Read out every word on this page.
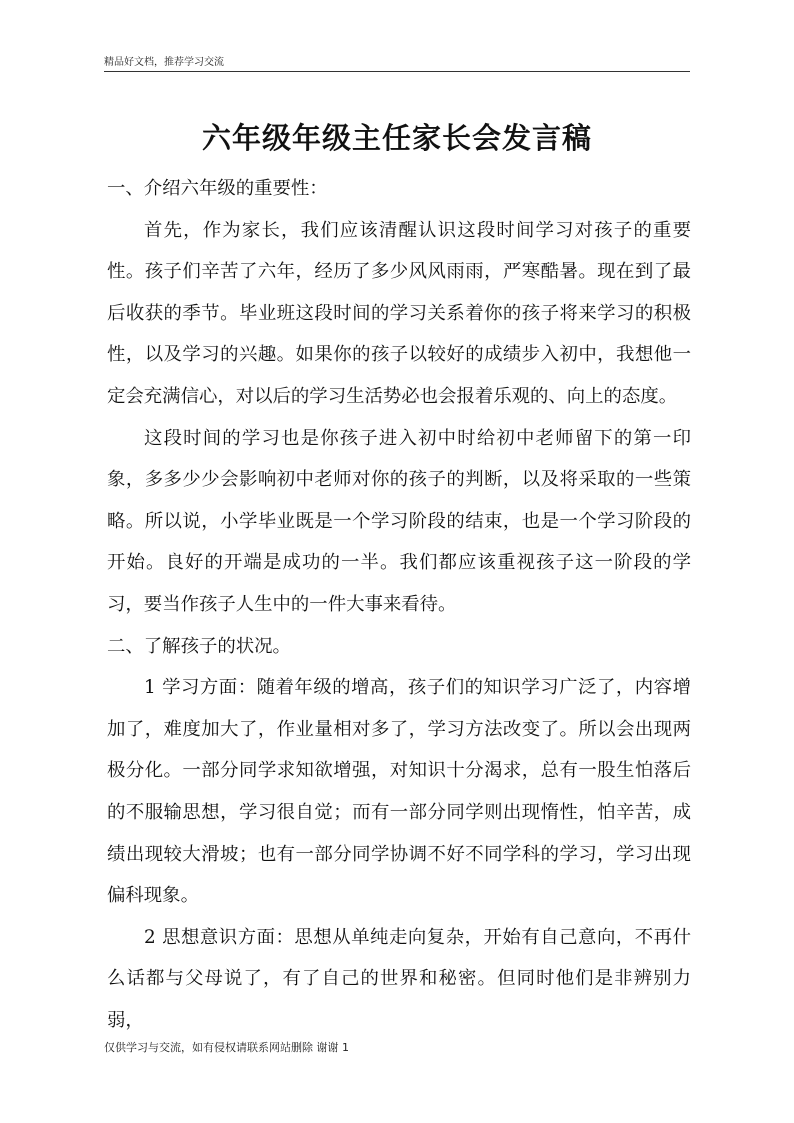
精品好文档，推荐学习交流
六年级年级主任家长会发言稿

一、介绍六年级的重要性：

首先，作为家长，我们应该清醒认识这段时间学习对孩子的重要性。孩子们辛苦了六年，经历了多少风风雨雨，严寒酷暑。现在到了最后收获的季节。毕业班这段时间的学习关系着你的孩子将来学习的积极性，以及学习的兴趣。如果你的孩子以较好的成绩步入初中，我想他一定会充满信心，对以后的学习生活势必也会报着乐观的、向上的态度。

这段时间的学习也是你孩子进入初中时给初中老师留下的第一印象，多多少少会影响初中老师对你的孩子的判断，以及将采取的一些策略。所以说，小学毕业既是一个学习阶段的结束，也是一个学习阶段的开始。良好的开端是成功的一半。我们都应该重视孩子这一阶段的学习，要当作孩子人生中的一件大事来看待。

二、了解孩子的状况。

1 学习方面：随着年级的增高，孩子们的知识学习广泛了，内容增加了，难度加大了，作业量相对多了，学习方法改变了。所以会出现两极分化。一部分同学求知欲增强，对知识十分渴求，总有一股生怕落后的不服输思想，学习很自觉；而有一部分同学则出现惰性，怕辛苦，成绩出现较大滑坡；也有一部分同学协调不好不同学科的学习，学习出现偏科现象。

2 思想意识方面：思想从单纯走向复杂，开始有自己意向，不再什么话都与父母说了，有了自己的世界和秘密。但同时他们是非辨别力弱，

仅供学习与交流，如有侵权请联系网站删除 谢谢 1
